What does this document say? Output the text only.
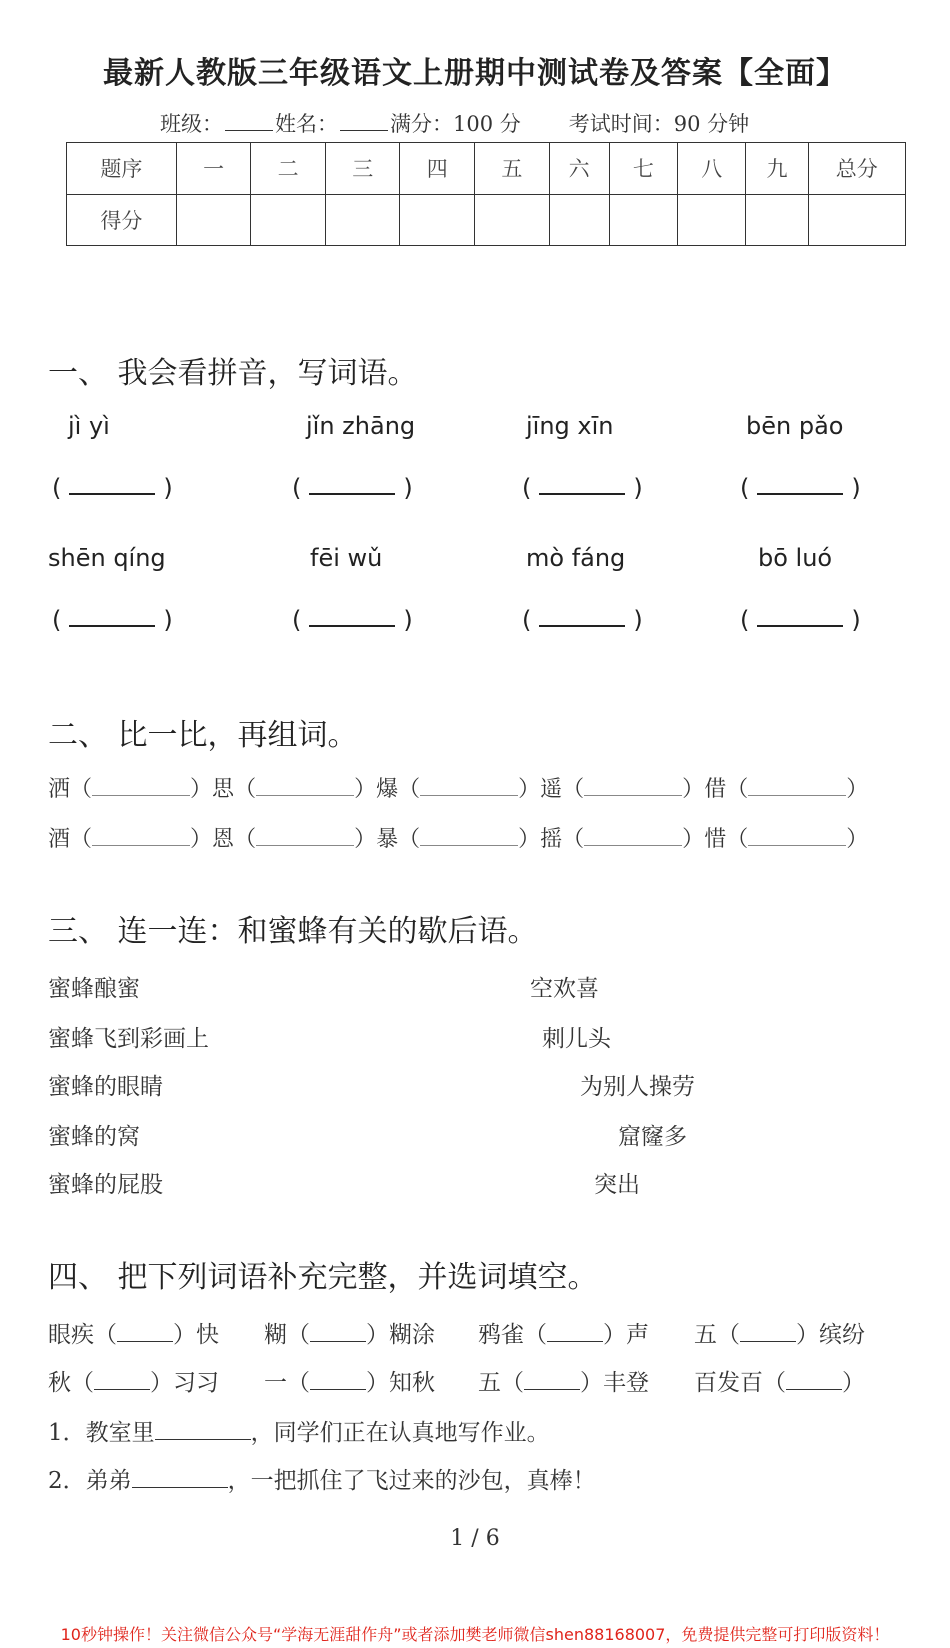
最新人教版三年级语文上册期中测试卷及答案【全面】
班级： 姓名： 满分：100 分 考试时间：90 分钟
题序	一	二	三	四	五	六	七	八	九	总分
得分										
一、 我会看拼音，写词语。
jì yì	jǐn zhāng	jīng xīn	bēn pǎo
(	)	(	)	(	)	(	)
shēn qíng	fēi wǔ	mò fáng	bō luó
(	)	(	)	(	)	(	)
二、 比一比，再组词。
洒（	）思（	）爆（	）遥（	）借（	）
酒（	）恩（	）暴（	）摇（	）惜（	）
三、 连一连：和蜜蜂有关的歇后语。
蜜蜂酿蜜
蜜蜂飞到彩画上
蜜蜂的眼睛
蜜蜂的窝
蜜蜂的屁股
空欢喜
刺儿头
为别人操劳
窟窿多
突出
四、 把下列词语补充完整，并选词填空。
眼疾（ ）快 糊（ ）糊涂 鸦雀（ ）声 五（ ）缤纷
秋（ ）习习 一（ ）知秋 五（ ）丰登 百发百（ ）
1．教室里	，同学们正在认真地写作业。
2．弟弟	，一把抓住了飞过来的沙包，真棒！
1 / 6
10秒钟操作！关注微信公众号“学海无涯甜作舟”或者添加樊老师微信shen88168007，免费提供完整可打印版资料！
